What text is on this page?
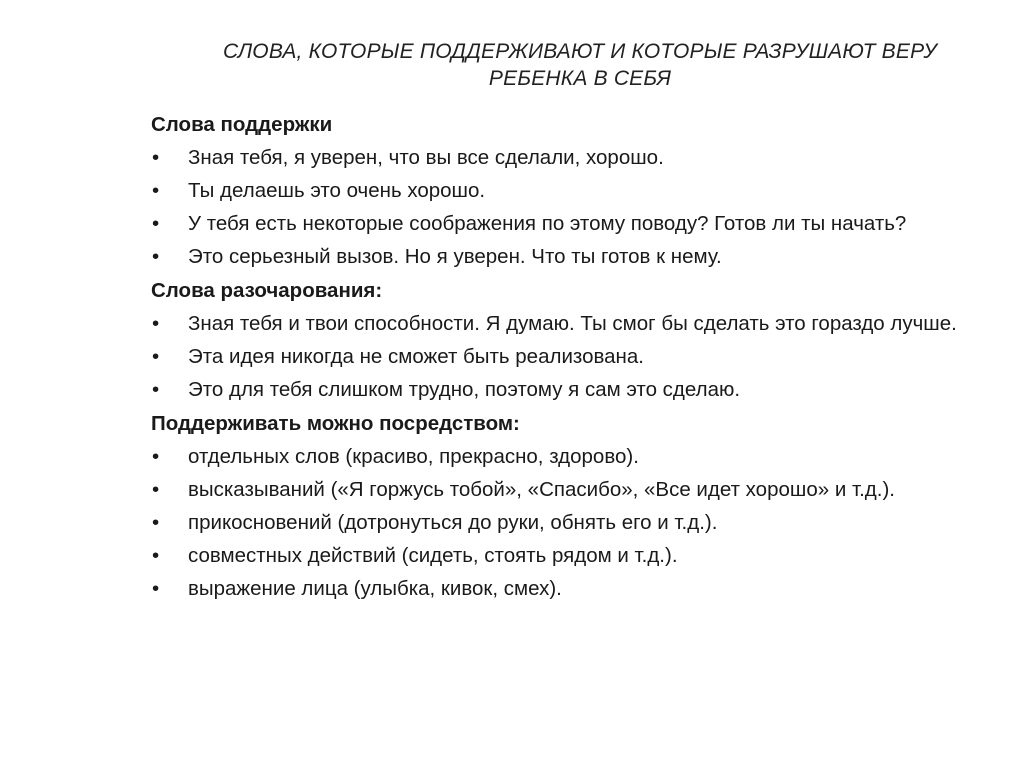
СЛОВА, КОТОРЫЕ ПОДДЕРЖИВАЮТ И КОТОРЫЕ РАЗРУШАЮТ ВЕРУ
РЕБЕНКА В СЕБЯ
Слова поддержки
• Зная тебя, я уверен, что вы все сделали, хорошо.
• Ты делаешь это очень хорошо.
• У тебя есть некоторые соображения по этому поводу? Готов ли ты начать?
• Это серьезный вызов. Но я уверен. Что ты готов к нему.
Слова разочарования:
• Зная тебя и твои способности. Я думаю. Ты смог бы сделать это гораздо лучше.
• Эта идея никогда не сможет быть реализована.
• Это для тебя слишком трудно, поэтому я сам это сделаю.
Поддерживать можно посредством:
• отдельных слов (красиво, прекрасно, здорово).
• высказываний («Я горжусь тобой», «Спасибо», «Все идет хорошо» и т.д.).
• прикосновений (дотронуться до руки, обнять его и т.д.).
• совместных действий (сидеть, стоять рядом и т.д.).
• выражение лица (улыбка, кивок, смех).
